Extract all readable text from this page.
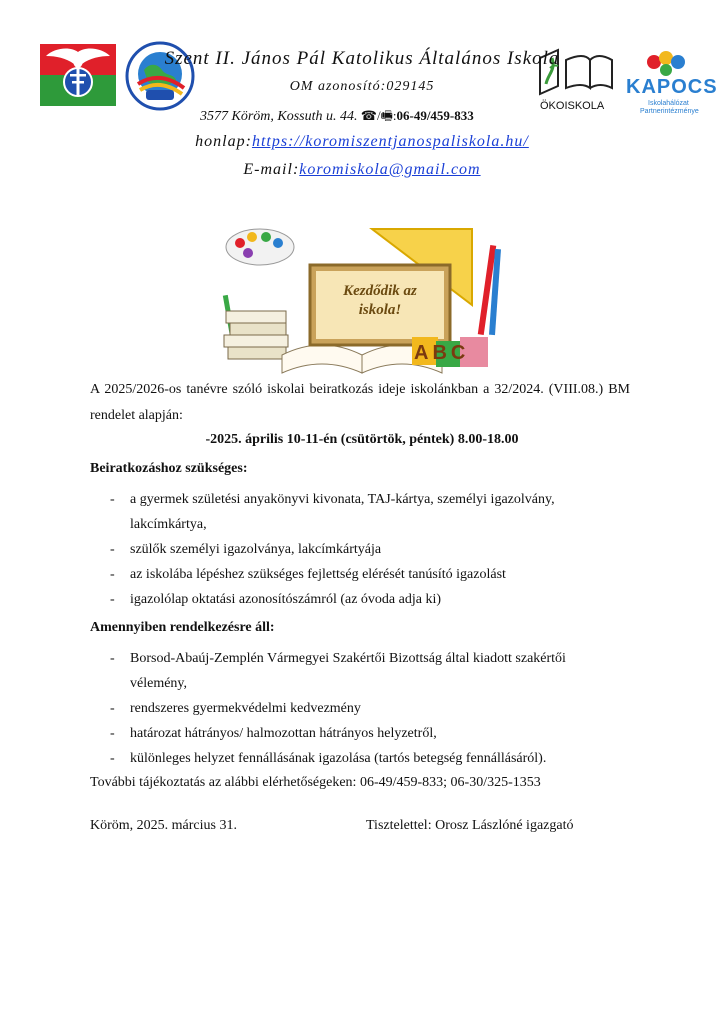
ÖKOISKOLA
KAPOCS
Iskolahálózat
Partnerintézménye
Szent II. János Pál Katolikus Általános Iskola
OM azonosító:029145
3577 Köröm, Kossuth u. 44. ☎/🖷:06-49/459-833
honlap:https://koromiszentjanospaliskola.hu/
E-mail:koromiskola@gmail.com
Kezdődik az
iskola!
ABC
A 2025/2026-os tanévre szóló iskolai beiratkozás ideje iskolánkban a 32/2024. (VIII.08.) BM rendelet alapján:
-2025. április 10-11-én (csütörtök, péntek) 8.00-18.00
Beiratkozáshoz szükséges:
- a gyermek születési anyakönyvi kivonata, TAJ-kártya, személyi igazolvány, lakcímkártya,
- szülők személyi igazolványa, lakcímkártyája
- az iskolába lépéshez szükséges fejlettség elérését tanúsító igazolást
- igazolólap oktatási azonosítószámról (az óvoda adja ki)
Amennyiben rendelkezésre áll:
- Borsod-Abaúj-Zemplén Vármegyei Szakértői Bizottság által kiadott szakértői vélemény,
- rendszeres gyermekvédelmi kedvezmény
- határozat hátrányos/ halmozottan hátrányos helyzetről,
- különleges helyzet fennállásának igazolása (tartós betegség fennállásáról).
További tájékoztatás az alábbi elérhetőségeken: 06-49/459-833; 06-30/325-1353
Köröm, 2025. március 31.	Tisztelettel: Orosz Lászlóné igazgató
